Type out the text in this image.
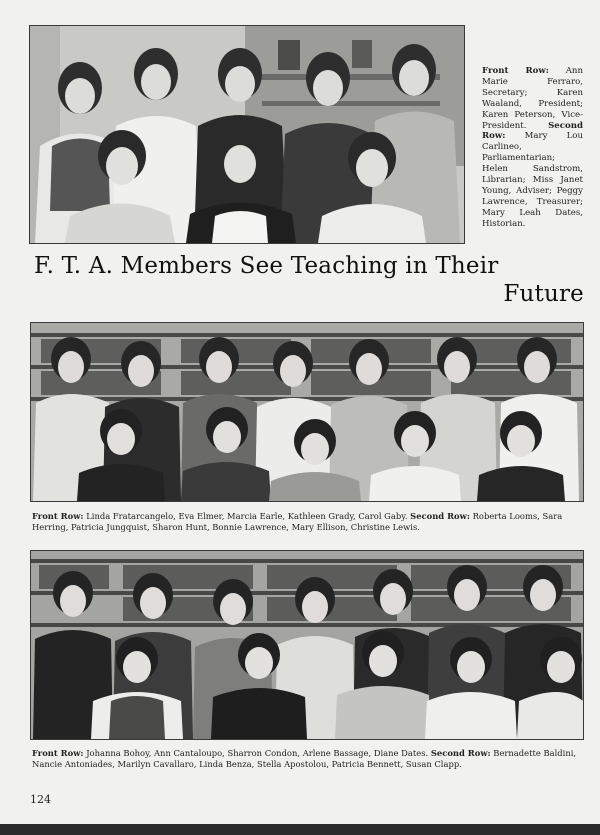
Front Row: Ann Marie Ferraro, Secretary; Karen Waaland, President; Karen Peterson, Vice-President.	Second Row: Mary Lou Carlineo, Parliamentarian; Helen Sandstrom, Librarian; Miss Janet Young, Adviser; Peggy Lawrence, Treasurer; Mary Leah Dates, Historian.
F. T. A. Members See Teaching in Their
Future
Front Row: Linda Fratarcangelo, Eva Elmer, Marcia Earle, Kathleen Grady, Carol Gaby. Second Row: Roberta Looms, Sara Herring, Patricia Jungquist, Sharon Hunt, Bonnie Lawrence, Mary Ellison, Christine Lewis.
Front Row: Johanna Bohoy, Ann Cantaloupo, Sharron Condon, Arlene Bassage, Diane Dates. Second Row: Bernadette Baldini, Nancie Antoniades, Marilyn Cavallaro, Linda Benza, Stella Apostolou, Patricia Bennett, Susan Clapp.
124
